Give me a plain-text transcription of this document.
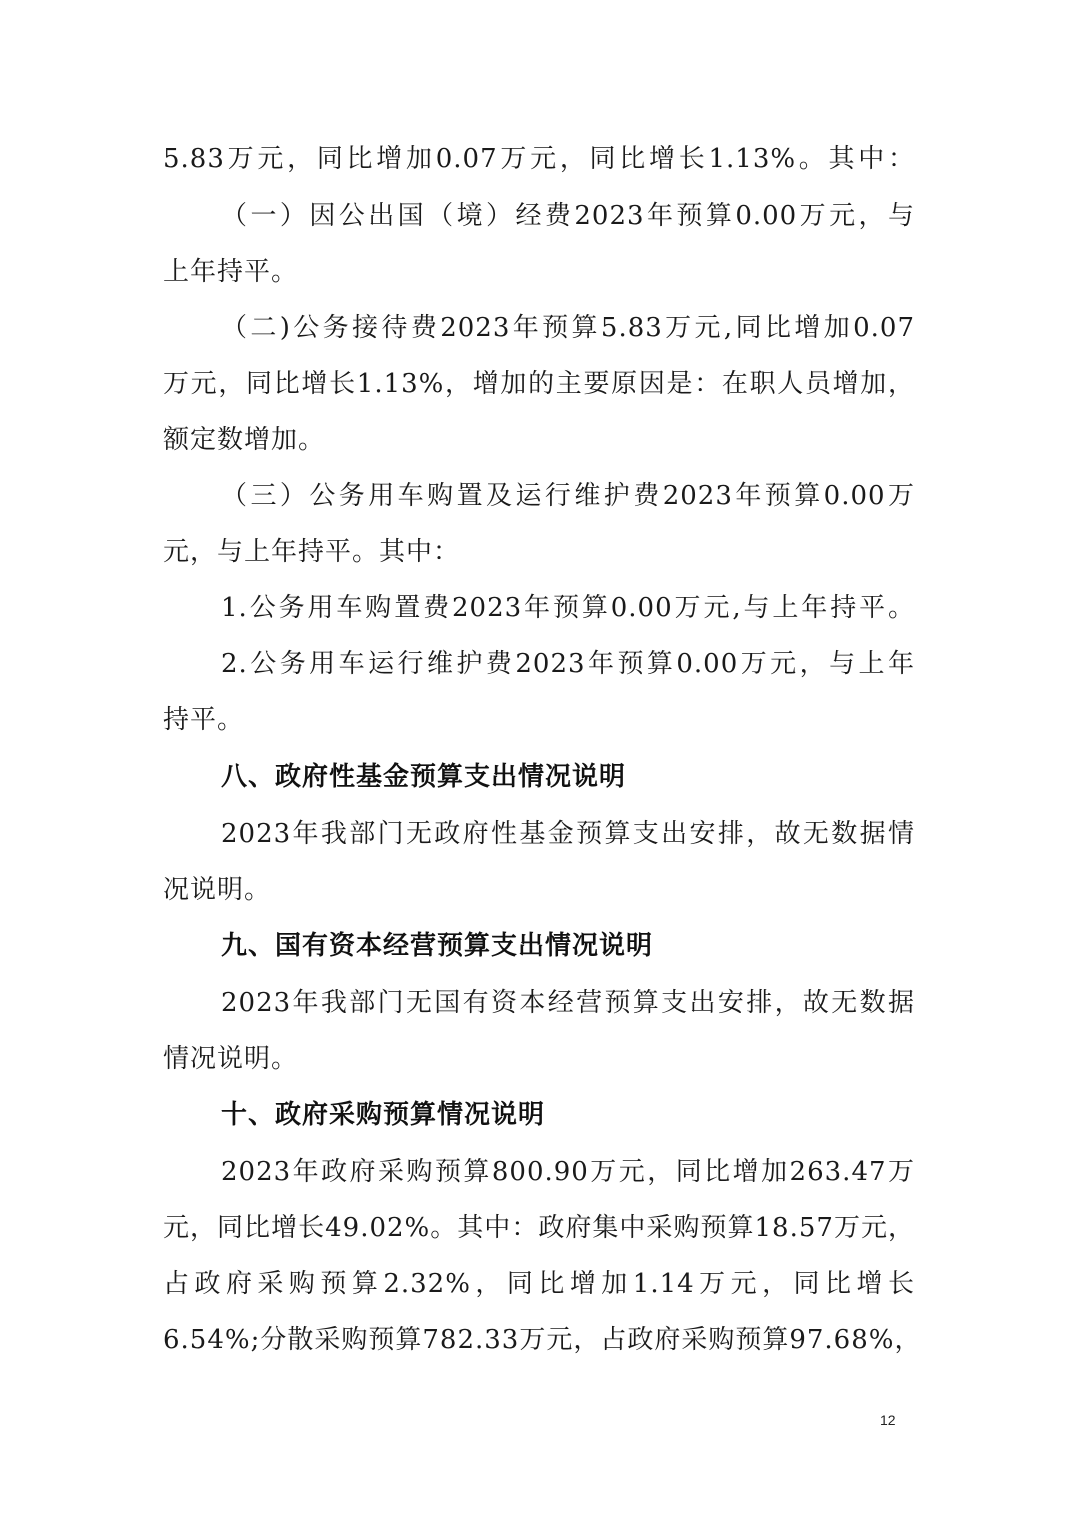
5.83万元，同比增加0.07万元，同比增长1.13%。其中：
（一）因公出国（境）经费2023年预算0.00万元，与
上年持平。
（二)公务接待费2023年预算5.83万元,同比增加0.07
万元，同比增长1.13%，增加的主要原因是：在职人员增加，
额定数增加。
（三）公务用车购置及运行维护费2023年预算0.00万
元，与上年持平。其中：
1.公务用车购置费2023年预算0.00万元,与上年持平。
2.公务用车运行维护费2023年预算0.00万元，与上年
持平。
八、政府性基金预算支出情况说明
2023年我部门无政府性基金预算支出安排，故无数据情
况说明。
九、国有资本经营预算支出情况说明
2023年我部门无国有资本经营预算支出安排，故无数据
情况说明。
十、政府采购预算情况说明
2023年政府采购预算800.90万元，同比增加263.47万
元，同比增长49.02%。其中：政府集中采购预算18.57万元，
占政府采购预算2.32%，同比增加1.14万元，同比增长
6.54%;分散采购预算782.33万元，占政府采购预算97.68%，
12
